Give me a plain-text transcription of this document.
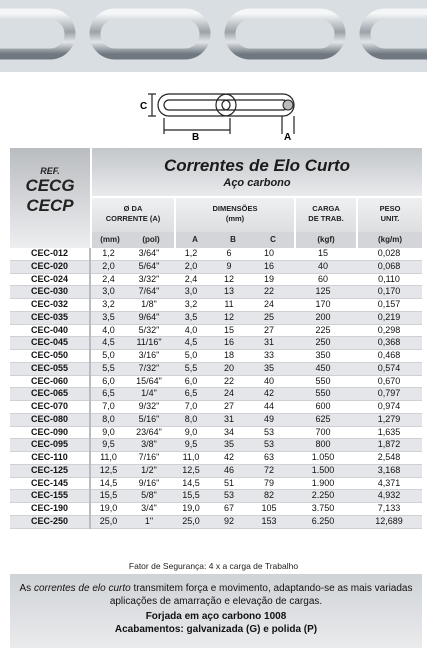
C
B	A
REF.
CECG
CECP
Correntes de Elo Curto
Aço carbono
Ø DA
CORRENTE (A)
DIMENSÕES
(mm)
CARGA
DE TRAB.
PESO
UNIT.
(mm)	(pol)	A	B	C	(kgf)	(kg/m)
CEC-012	1,2	3/64"	1,2	6	10	15	0,028
CEC-020	2,0	5/64"	2,0	9	16	40	0,068
CEC-024	2,4	3/32"	2,4	12	19	60	0,110
CEC-030	3,0	7/64"	3,0	13	22	125	0,170
CEC-032	3,2	1/8"	3,2	11	24	170	0,157
CEC-035	3,5	9/64"	3,5	12	25	200	0,219
CEC-040	4,0	5/32"	4,0	15	27	225	0,298
CEC-045	4,5	11/16"	4,5	16	31	250	0,368
CEC-050	5,0	3/16"	5,0	18	33	350	0,468
CEC-055	5,5	7/32"	5,5	20	35	450	0,574
CEC-060	6,0	15/64"	6,0	22	40	550	0,670
CEC-065	6,5	1/4"	6,5	24	42	550	0,797
CEC-070	7,0	9/32"	7,0	27	44	600	0,974
CEC-080	8,0	5/16"	8,0	31	49	625	1,279
CEC-090	9,0	23/64"	9,0	34	53	700	1,635
CEC-095	9,5	3/8"	9,5	35	53	800	1,872
CEC-110	11,0	7/16"	11,0	42	63	1.050	2,548
CEC-125	12,5	1/2"	12,5	46	72	1.500	3,168
CEC-145	14,5	9/16"	14,5	51	79	1.900	4,371
CEC-155	15,5	5/8"	15,5	53	82	2.250	4,932
CEC-190	19,0	3/4"	19,0	67	105	3.750	7,133
CEC-250	25,0	1"	25,0	92	153	6.250	12,689
Fator de Segurança: 4 x a carga de Trabalho
As correntes de elo curto transmitem força e movimento, adaptando-se as mais variadas aplicações de amarração e elevação de cargas.
Forjada em aço carbono 1008
Acabamentos: galvanizada (G) e polida (P)
